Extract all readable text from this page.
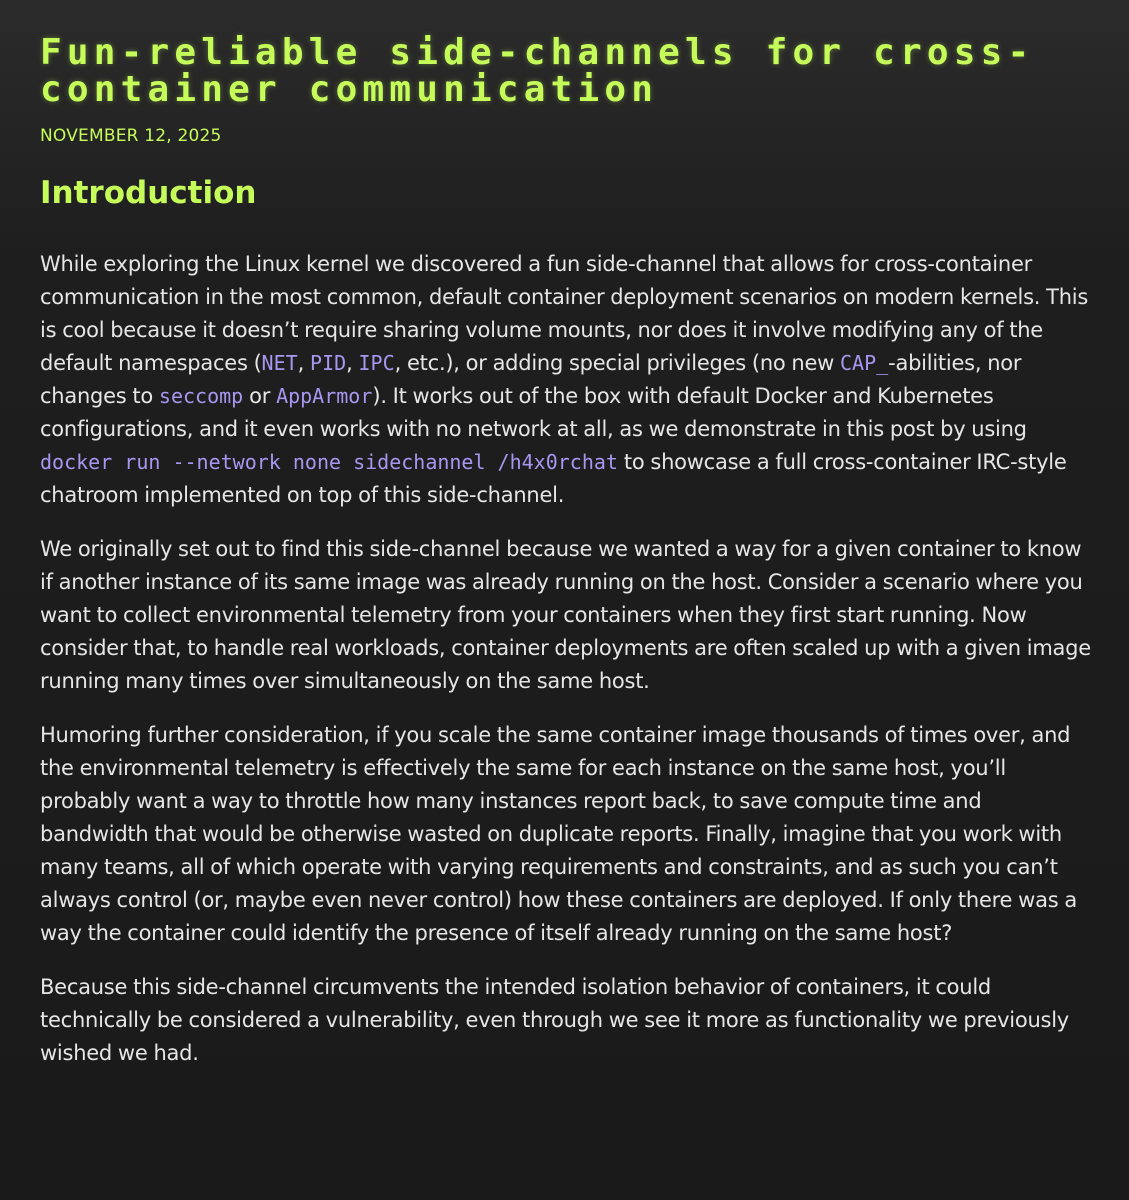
Fun-reliable side-channels for cross-container communication
NOVEMBER 12, 2025
Introduction

While exploring the Linux kernel we discovered a fun side-channel that allows for cross-container communication in the most common, default container deployment scenarios on modern kernels. This is cool because it doesn’t require sharing volume mounts, nor does it involve modifying any of the default namespaces (NET, PID, IPC, etc.), or adding special privileges (no new CAP_-abilities, nor changes to seccomp or AppArmor). It works out of the box with default Docker and Kubernetes configurations, and it even works with no network at all, as we demonstrate in this post by using docker run --network none sidechannel /h4x0rchat to showcase a full cross-container IRC-style chatroom implemented on top of this side-channel.

We originally set out to find this side-channel because we wanted a way for a given container to know if another instance of its same image was already running on the host. Consider a scenario where you want to collect environmental telemetry from your containers when they first start running. Now consider that, to handle real workloads, container deployments are often scaled up with a given image running many times over simultaneously on the same host.

Humoring further consideration, if you scale the same container image thousands of times over, and the environmental telemetry is effectively the same for each instance on the same host, you’ll probably want a way to throttle how many instances report back, to save compute time and bandwidth that would be otherwise wasted on duplicate reports. Finally, imagine that you work with many teams, all of which operate with varying requirements and constraints, and as such you can’t always control (or, maybe even never control) how these containers are deployed. If only there was a way the container could identify the presence of itself already running on the same host?

Because this side-channel circumvents the intended isolation behavior of containers, it could technically be considered a vulnerability, even through we see it more as functionality we previously wished we had.
